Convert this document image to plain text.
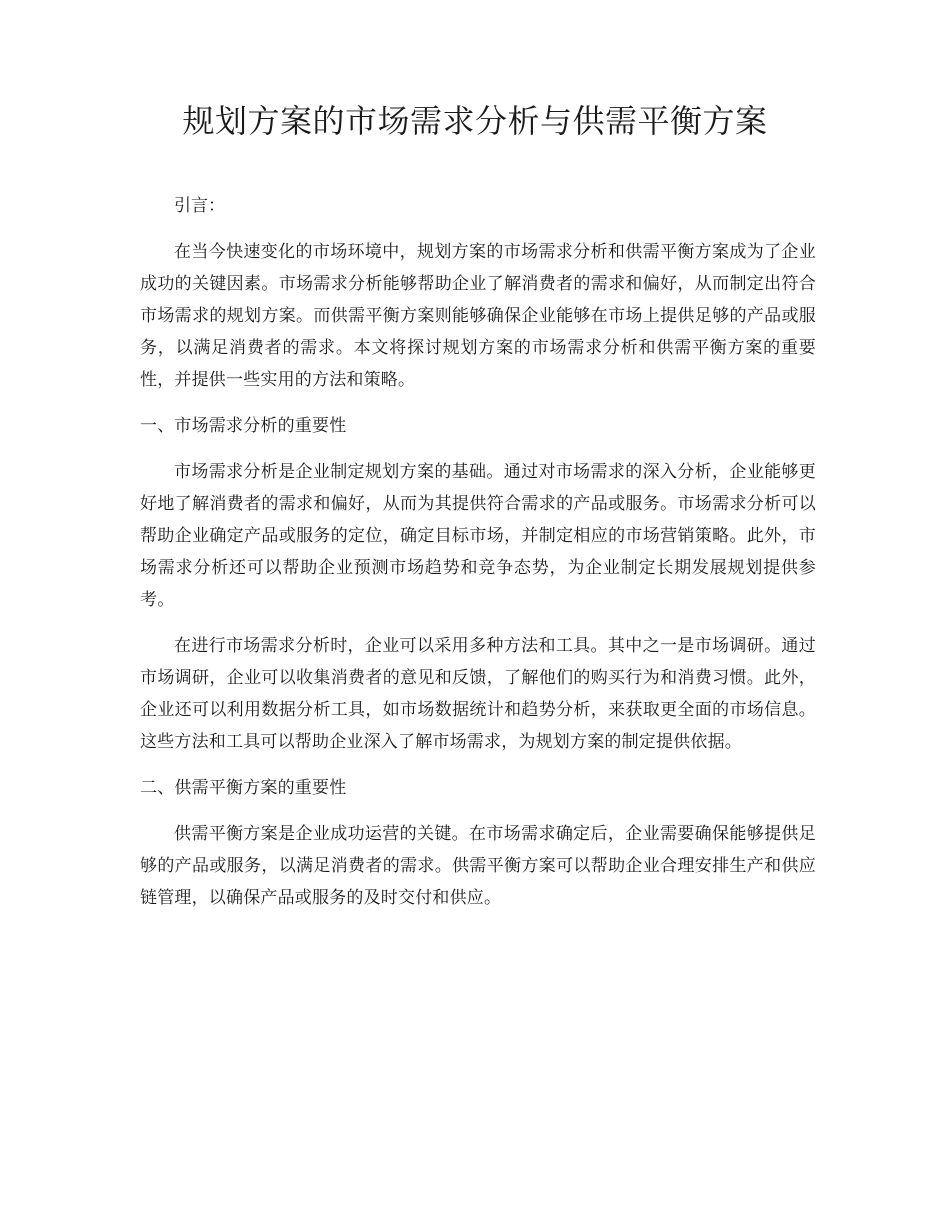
规划方案的市场需求分析与供需平衡方案

引言：

在当今快速变化的市场环境中，规划方案的市场需求分析和供需平衡方案成为了企业成功的关键因素。市场需求分析能够帮助企业了解消费者的需求和偏好，从而制定出符合市场需求的规划方案。而供需平衡方案则能够确保企业能够在市场上提供足够的产品或服务，以满足消费者的需求。本文将探讨规划方案的市场需求分析和供需平衡方案的重要性，并提供一些实用的方法和策略。

一、市场需求分析的重要性

市场需求分析是企业制定规划方案的基础。通过对市场需求的深入分析，企业能够更好地了解消费者的需求和偏好，从而为其提供符合需求的产品或服务。市场需求分析可以帮助企业确定产品或服务的定位，确定目标市场，并制定相应的市场营销策略。此外，市场需求分析还可以帮助企业预测市场趋势和竞争态势，为企业制定长期发展规划提供参考。

在进行市场需求分析时，企业可以采用多种方法和工具。其中之一是市场调研。通过市场调研，企业可以收集消费者的意见和反馈，了解他们的购买行为和消费习惯。此外，企业还可以利用数据分析工具，如市场数据统计和趋势分析，来获取更全面的市场信息。这些方法和工具可以帮助企业深入了解市场需求，为规划方案的制定提供依据。

二、供需平衡方案的重要性

供需平衡方案是企业成功运营的关键。在市场需求确定后，企业需要确保能够提供足够的产品或服务，以满足消费者的需求。供需平衡方案可以帮助企业合理安排生产和供应链管理，以确保产品或服务的及时交付和供应。
